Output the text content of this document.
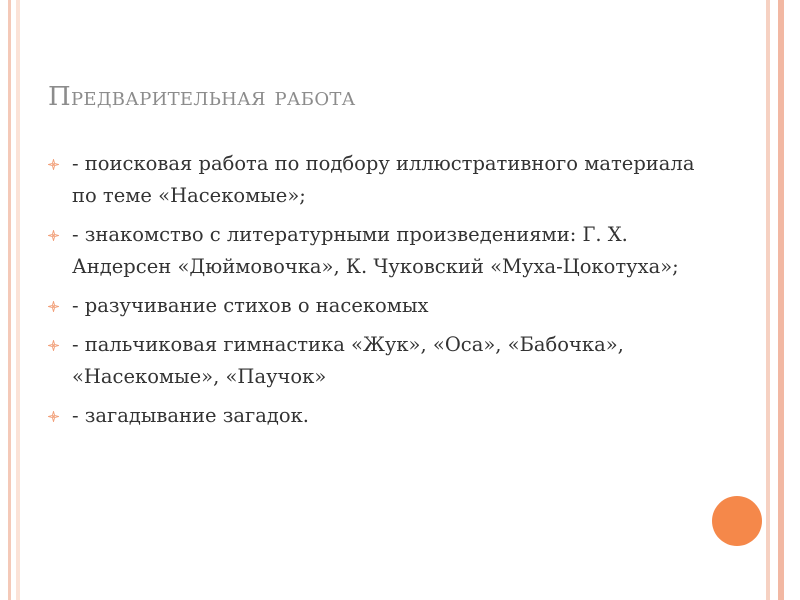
Предварительная работа
- поисковая работа по подбору иллюстративного материала по теме «Насекомые»;
- знакомство с литературными произведениями: Г. Х. Андерсен «Дюймовочка», К. Чуковский «Муха-Цокотуха»;
- разучивание стихов о насекомых
- пальчиковая гимнастика «Жук», «Оса», «Бабочка», «Насекомые», «Паучок»
- загадывание загадок.
